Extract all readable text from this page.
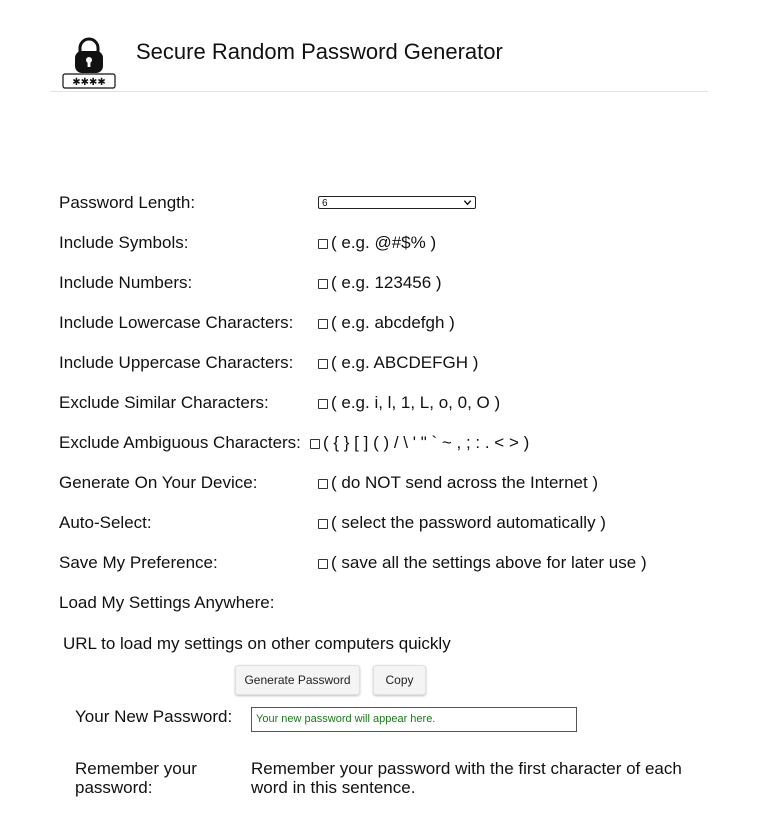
✱✱✱✱
Secure Random Password Generator
Password Length:	6
Include Symbols:	( e.g. @#$% )
Include Numbers:	( e.g. 123456 )
Include Lowercase Characters: ( e.g. abcdefgh )
Include Uppercase Characters: ( e.g. ABCDEFGH )
Exclude Similar Characters:	( e.g. i, l, 1, L, o, 0, O )
Exclude Ambiguous Characters: ( { } [ ] ( ) / \ ' " ` ~ , ; : . < > )
Generate On Your Device:	( do NOT send across the Internet )
Auto-Select:	( select the password automatically )
Save My Preference:	( save all the settings above for later use )
Load My Settings Anywhere:
URL to load my settings on other computers quickly
Generate Password	Copy
Your New Password:	Your new password will appear here.
Remember your password:
Remember your password with the first character of each word in this sentence.
